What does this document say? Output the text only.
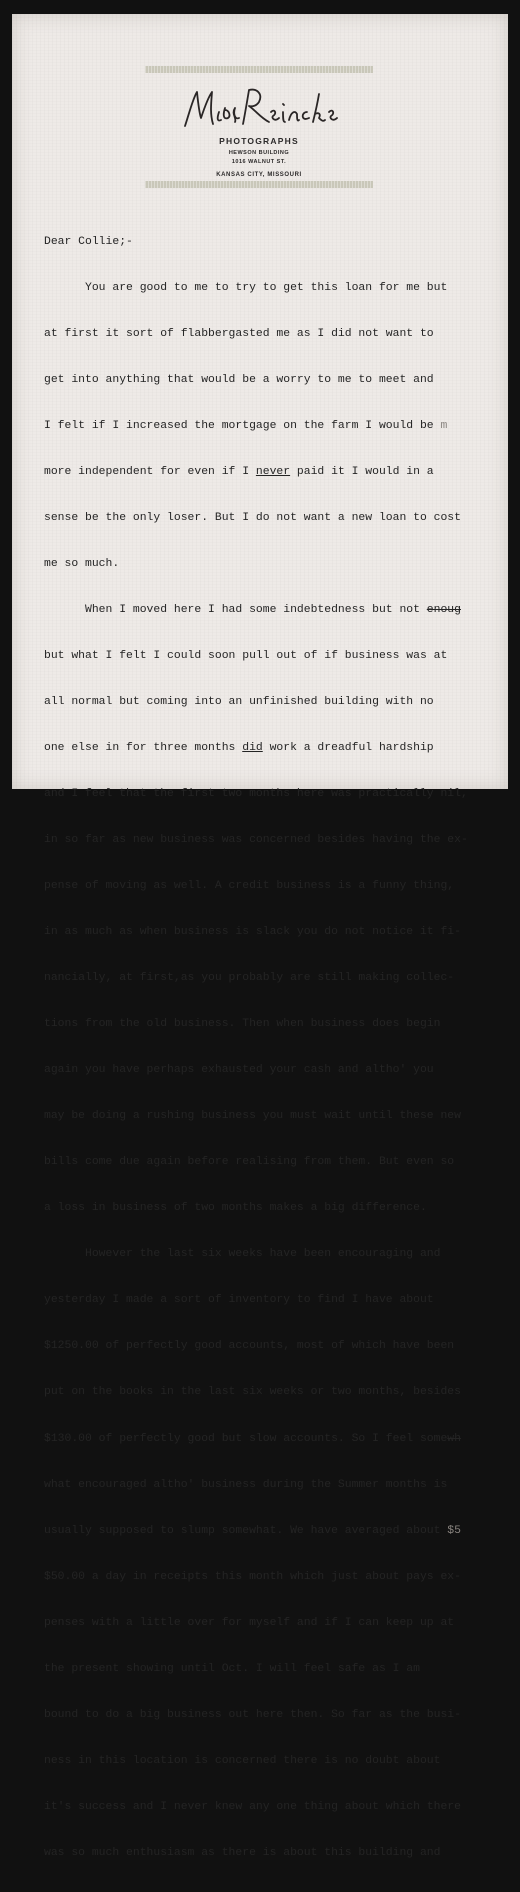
PHOTOGRAPHS
HEWSON BUILDING
1016 WALNUT ST.
KANSAS CITY, MISSOURI

Dear Collie;-

You are good to me to try to get this loan for me but

at first it sort of flabbergasted me as I did not want to

get into anything that would be a worry to me to meet and

I felt if I increased the mortgage on the farm I would be m

more independent for even if I never paid it I would in a

sense be the only loser. But I do not want a new loan to cost

me so much.

When I moved here I had some indebtedness but not enoug

but what I felt I could soon pull out of if business was at

all normal but coming into an unfinished building with no

one else in for three months did work a dreadful hardship

and I feel that the first two months here was practically nil,

in so far as new business was concerned besides having the ex-

pense of moving as well. A credit business is a funny thing,

in as much as when business is slack you do not notice it fi-

nancially, at first,as you probably are still making collec-

tions from the old business. Then when business does begin

again you have perhaps exhausted your cash and altho' you

may be doing a rushing business you must wait until these new

bills come due again before realising from them. But even so

a loss in business of two months makes a big difference.

However the last six weeks have been encouraging and

yesterday I made a sort of inventory to find I have about

$1250.00 of perfectly good accounts, most of which have been

put on the books in the last six weeks or two months, besides

$130.00 of perfectly good but slow accounts. So I feel somewh

what encouraged altho' business during the Summer months is

usually supposed to slump somewhat. We have averaged about $5

$50.00 a day in receipts this month which just about pays ex-

penses with a little over for myself and if I can keep up at

the present showing until Oct. I will feel safe as I am

bound to do a big business out here then. So far as the busi-

ness in this location is concerned there is no doubt about

it's success and I never knew any one thing about which there

was so much enthusiasm as there is about this building and
